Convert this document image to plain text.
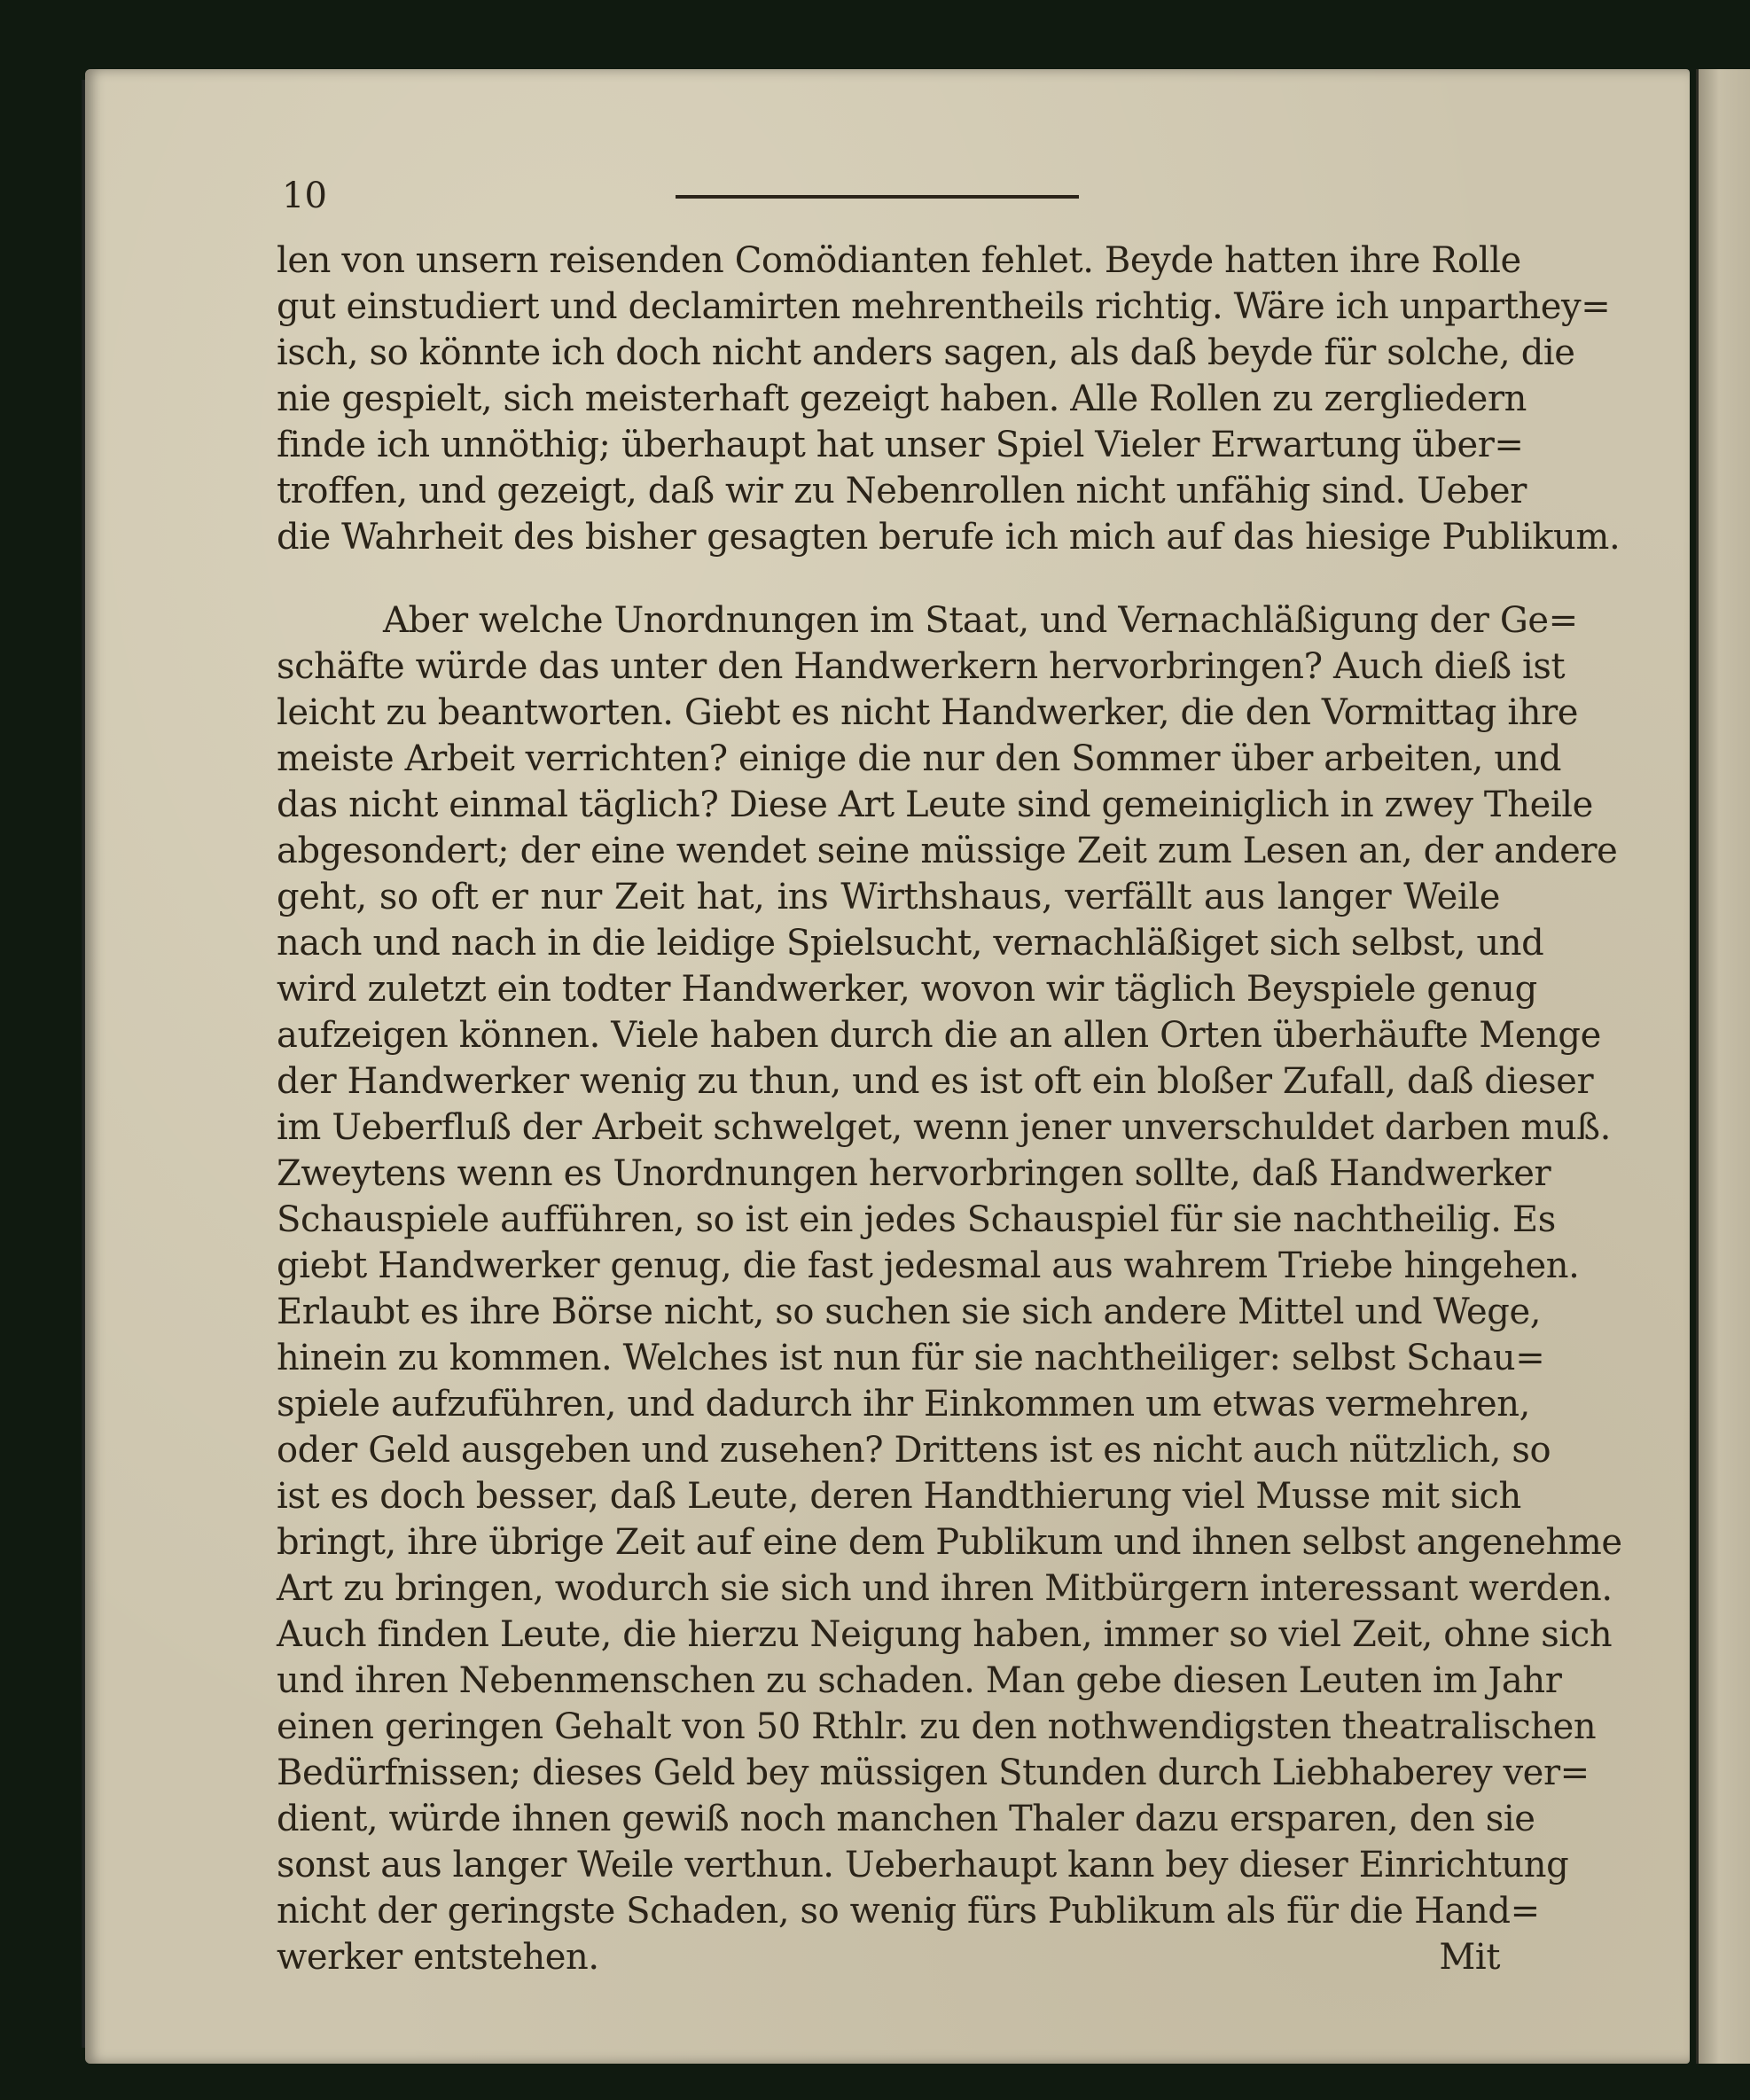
10
len von unsern reisenden Comödianten fehlet. Beyde hatten ihre Rolle
gut einstudiert und declamirten mehrentheils richtig. Wäre ich unparthey=
isch, so könnte ich doch nicht anders sagen, als daß beyde für solche, die
nie gespielt, sich meisterhaft gezeigt haben. Alle Rollen zu zergliedern
finde ich unnöthig; überhaupt hat unser Spiel Vieler Erwartung über=
troffen, und gezeigt, daß wir zu Nebenrollen nicht unfähig sind. Ueber
die Wahrheit des bisher gesagten berufe ich mich auf das hiesige Publikum.
Aber welche Unordnungen im Staat, und Vernachläßigung der Ge=
schäfte würde das unter den Handwerkern hervorbringen? Auch dieß ist
leicht zu beantworten. Giebt es nicht Handwerker, die den Vormittag ihre
meiste Arbeit verrichten? einige die nur den Sommer über arbeiten, und
das nicht einmal täglich? Diese Art Leute sind gemeiniglich in zwey Theile
abgesondert; der eine wendet seine müssige Zeit zum Lesen an, der andere
geht, so oft er nur Zeit hat, ins Wirthshaus, verfällt aus langer Weile
nach und nach in die leidige Spielsucht, vernachläßiget sich selbst, und
wird zuletzt ein todter Handwerker, wovon wir täglich Beyspiele genug
aufzeigen können. Viele haben durch die an allen Orten überhäufte Menge
der Handwerker wenig zu thun, und es ist oft ein bloßer Zufall, daß dieser
im Ueberfluß der Arbeit schwelget, wenn jener unverschuldet darben muß.
Zweytens wenn es Unordnungen hervorbringen sollte, daß Handwerker
Schauspiele aufführen, so ist ein jedes Schauspiel für sie nachtheilig. Es
giebt Handwerker genug, die fast jedesmal aus wahrem Triebe hingehen.
Erlaubt es ihre Börse nicht, so suchen sie sich andere Mittel und Wege,
hinein zu kommen. Welches ist nun für sie nachtheiliger: selbst Schau=
spiele aufzuführen, und dadurch ihr Einkommen um etwas vermehren,
oder Geld ausgeben und zusehen? Drittens ist es nicht auch nützlich, so
ist es doch besser, daß Leute, deren Handthierung viel Musse mit sich
bringt, ihre übrige Zeit auf eine dem Publikum und ihnen selbst angenehme
Art zu bringen, wodurch sie sich und ihren Mitbürgern interessant werden.
Auch finden Leute, die hierzu Neigung haben, immer so viel Zeit, ohne sich
und ihren Nebenmenschen zu schaden. Man gebe diesen Leuten im Jahr
einen geringen Gehalt von 50 Rthlr. zu den nothwendigsten theatralischen
Bedürfnissen; dieses Geld bey müssigen Stunden durch Liebhaberey ver=
dient, würde ihnen gewiß noch manchen Thaler dazu ersparen, den sie
sonst aus langer Weile verthun. Ueberhaupt kann bey dieser Einrichtung
nicht der geringste Schaden, so wenig fürs Publikum als für die Hand=
werker entstehen.	Mit
